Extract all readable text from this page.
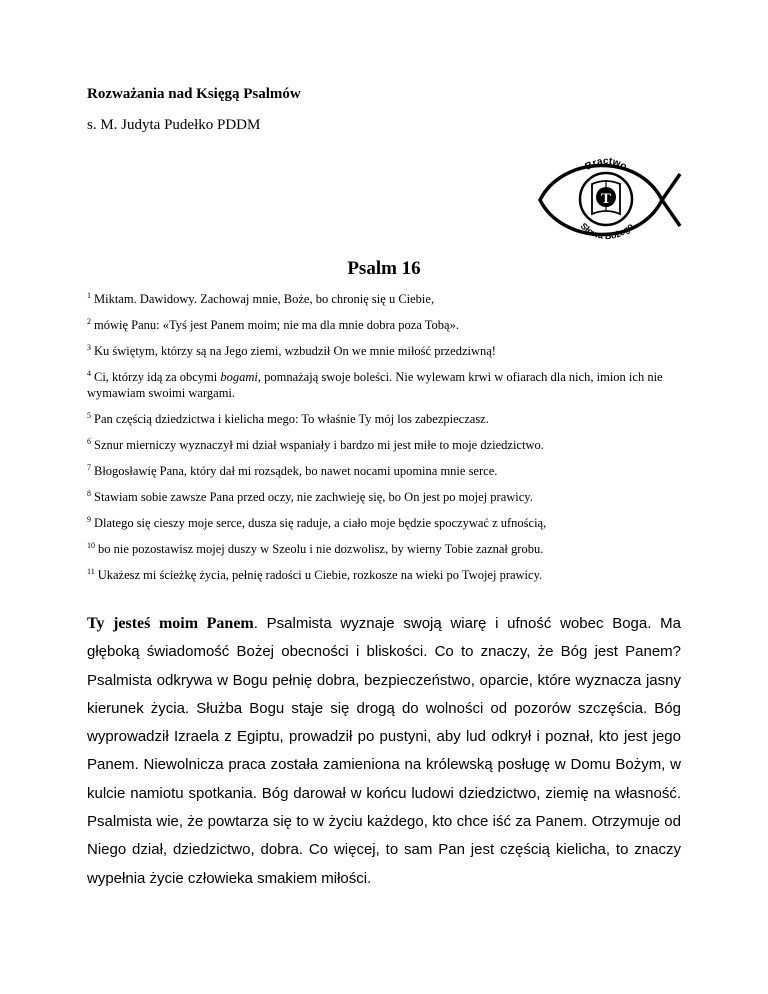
Rozważania nad Księgą Psalmów
s. M. Judyta Pudełko PDDM
T
Bractwo
Słowa Bożego
Psalm 16

$^1$ Miktam. Dawidowy. Zachowaj mnie, Boże, bo chronię się u Ciebie,

$^2$ mówię Panu: «Tyś jest Panem moim; nie ma dla mnie dobra poza Tobą».

$^3$ Ku świętym, którzy są na Jego ziemi, wzbudził On we mnie miłość przedziwną!

$^4$ Ci, którzy idą za obcymi bogami, pomnażają swoje boleści. Nie wylewam krwi w ofiarach dla nich, imion ich nie wymawiam swoimi wargami.

$^5$ Pan częścią dziedzictwa i kielicha mego: To właśnie Ty mój los zabezpieczasz.

$^6$ Sznur mierniczy wyznaczył mi dział wspaniały i bardzo mi jest miłe to moje dziedzictwo.

$^7$ Błogosławię Pana, który dał mi rozsądek, bo nawet nocami upomina mnie serce.

$^8$ Stawiam sobie zawsze Pana przed oczy, nie zachwieję się, bo On jest po mojej prawicy.

$^9$ Dlatego się cieszy moje serce, dusza się raduje, a ciało moje będzie spoczywać z ufnością,

$^{10}$ bo nie pozostawisz mojej duszy w Szeolu i nie dozwolisz, by wierny Tobie zaznał grobu.

$^{11}$ Ukażesz mi ścieżkę życia, pełnię radości u Ciebie, rozkosze na wieki po Twojej prawicy.

Ty jesteś moim Panem. Psalmista wyznaje swoją wiarę i ufność wobec Boga. Ma głęboką świadomość Bożej obecności i bliskości. Co to znaczy, że Bóg jest Panem? Psalmista odkrywa w Bogu pełnię dobra, bezpieczeństwo, oparcie, które wyznacza jasny kierunek życia. Służba Bogu staje się drogą do wolności od pozorów szczęścia. Bóg wyprowadził Izraela z Egiptu, prowadził po pustyni, aby lud odkrył i poznał, kto jest jego Panem. Niewolnicza praca została zamieniona na królewską posługę w Domu Bożym, w kulcie namiotu spotkania. Bóg darował w końcu ludowi dziedzictwo, ziemię na własność. Psalmista wie, że powtarza się to w życiu każdego, kto chce iść za Panem. Otrzymuje od Niego dział, dziedzictwo, dobra. Co więcej, to sam Pan jest częścią kielicha, to znaczy wypełnia życie człowieka smakiem miłości.
